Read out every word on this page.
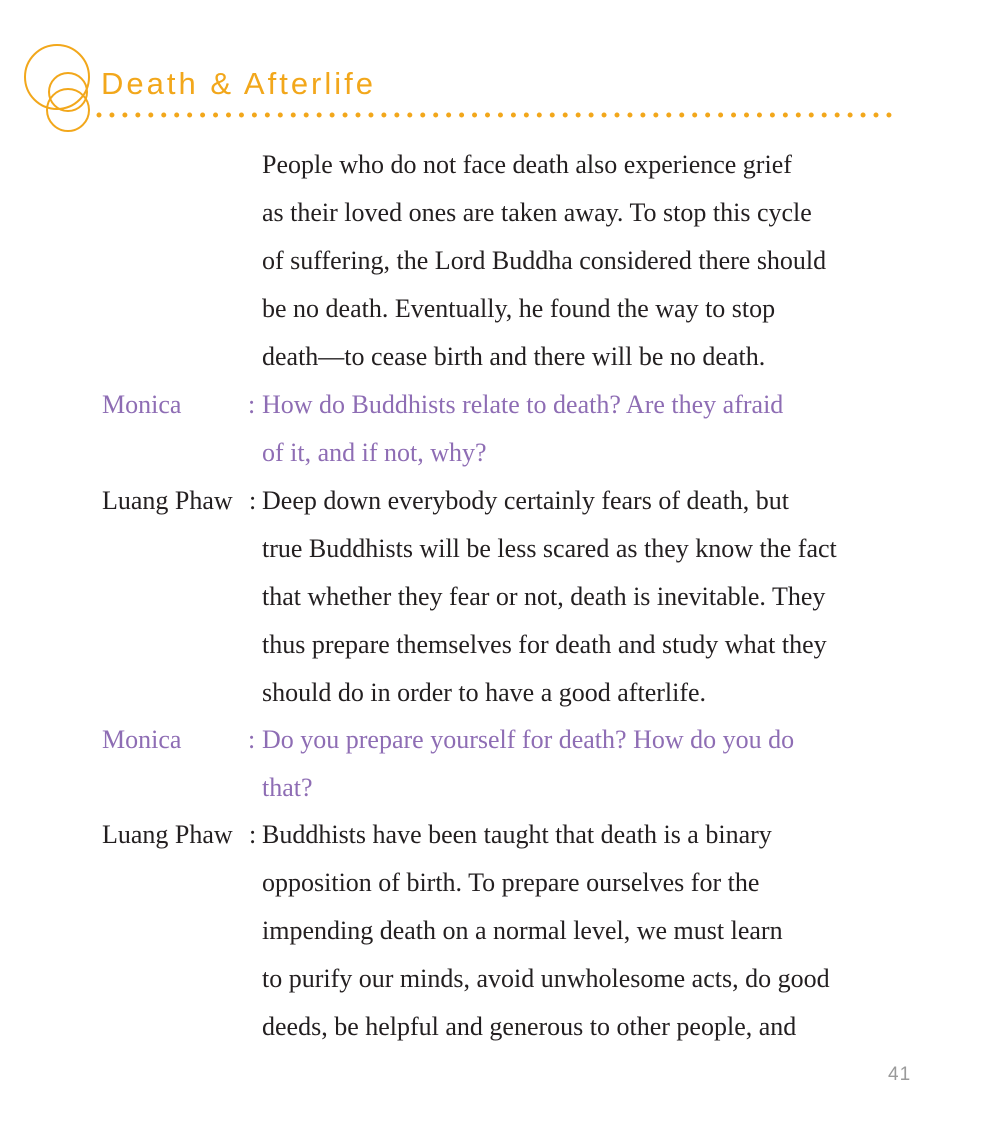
Death & Afterlife
People who do not face death also experience grief
as their loved ones are taken away. To stop this cycle
of suffering, the Lord Buddha considered there should
be no death. Eventually, he found the way to stop
death—to cease birth and there will be no death.
Monica	: How do Buddhists relate to death? Are they afraid
of it, and if not, why?
Luang Phaw : Deep down everybody certainly fears of death, but
true Buddhists will be less scared as they know the fact
that whether they fear or not, death is inevitable. They
thus prepare themselves for death and study what they
should do in order to have a good afterlife.
Monica	: Do you prepare yourself for death? How do you do
that?
Luang Phaw : Buddhists have been taught that death is a binary
opposition of birth. To prepare ourselves for the
impending death on a normal level, we must learn
to purify our minds, avoid unwholesome acts, do good
deeds, be helpful and generous to other people, and
41
